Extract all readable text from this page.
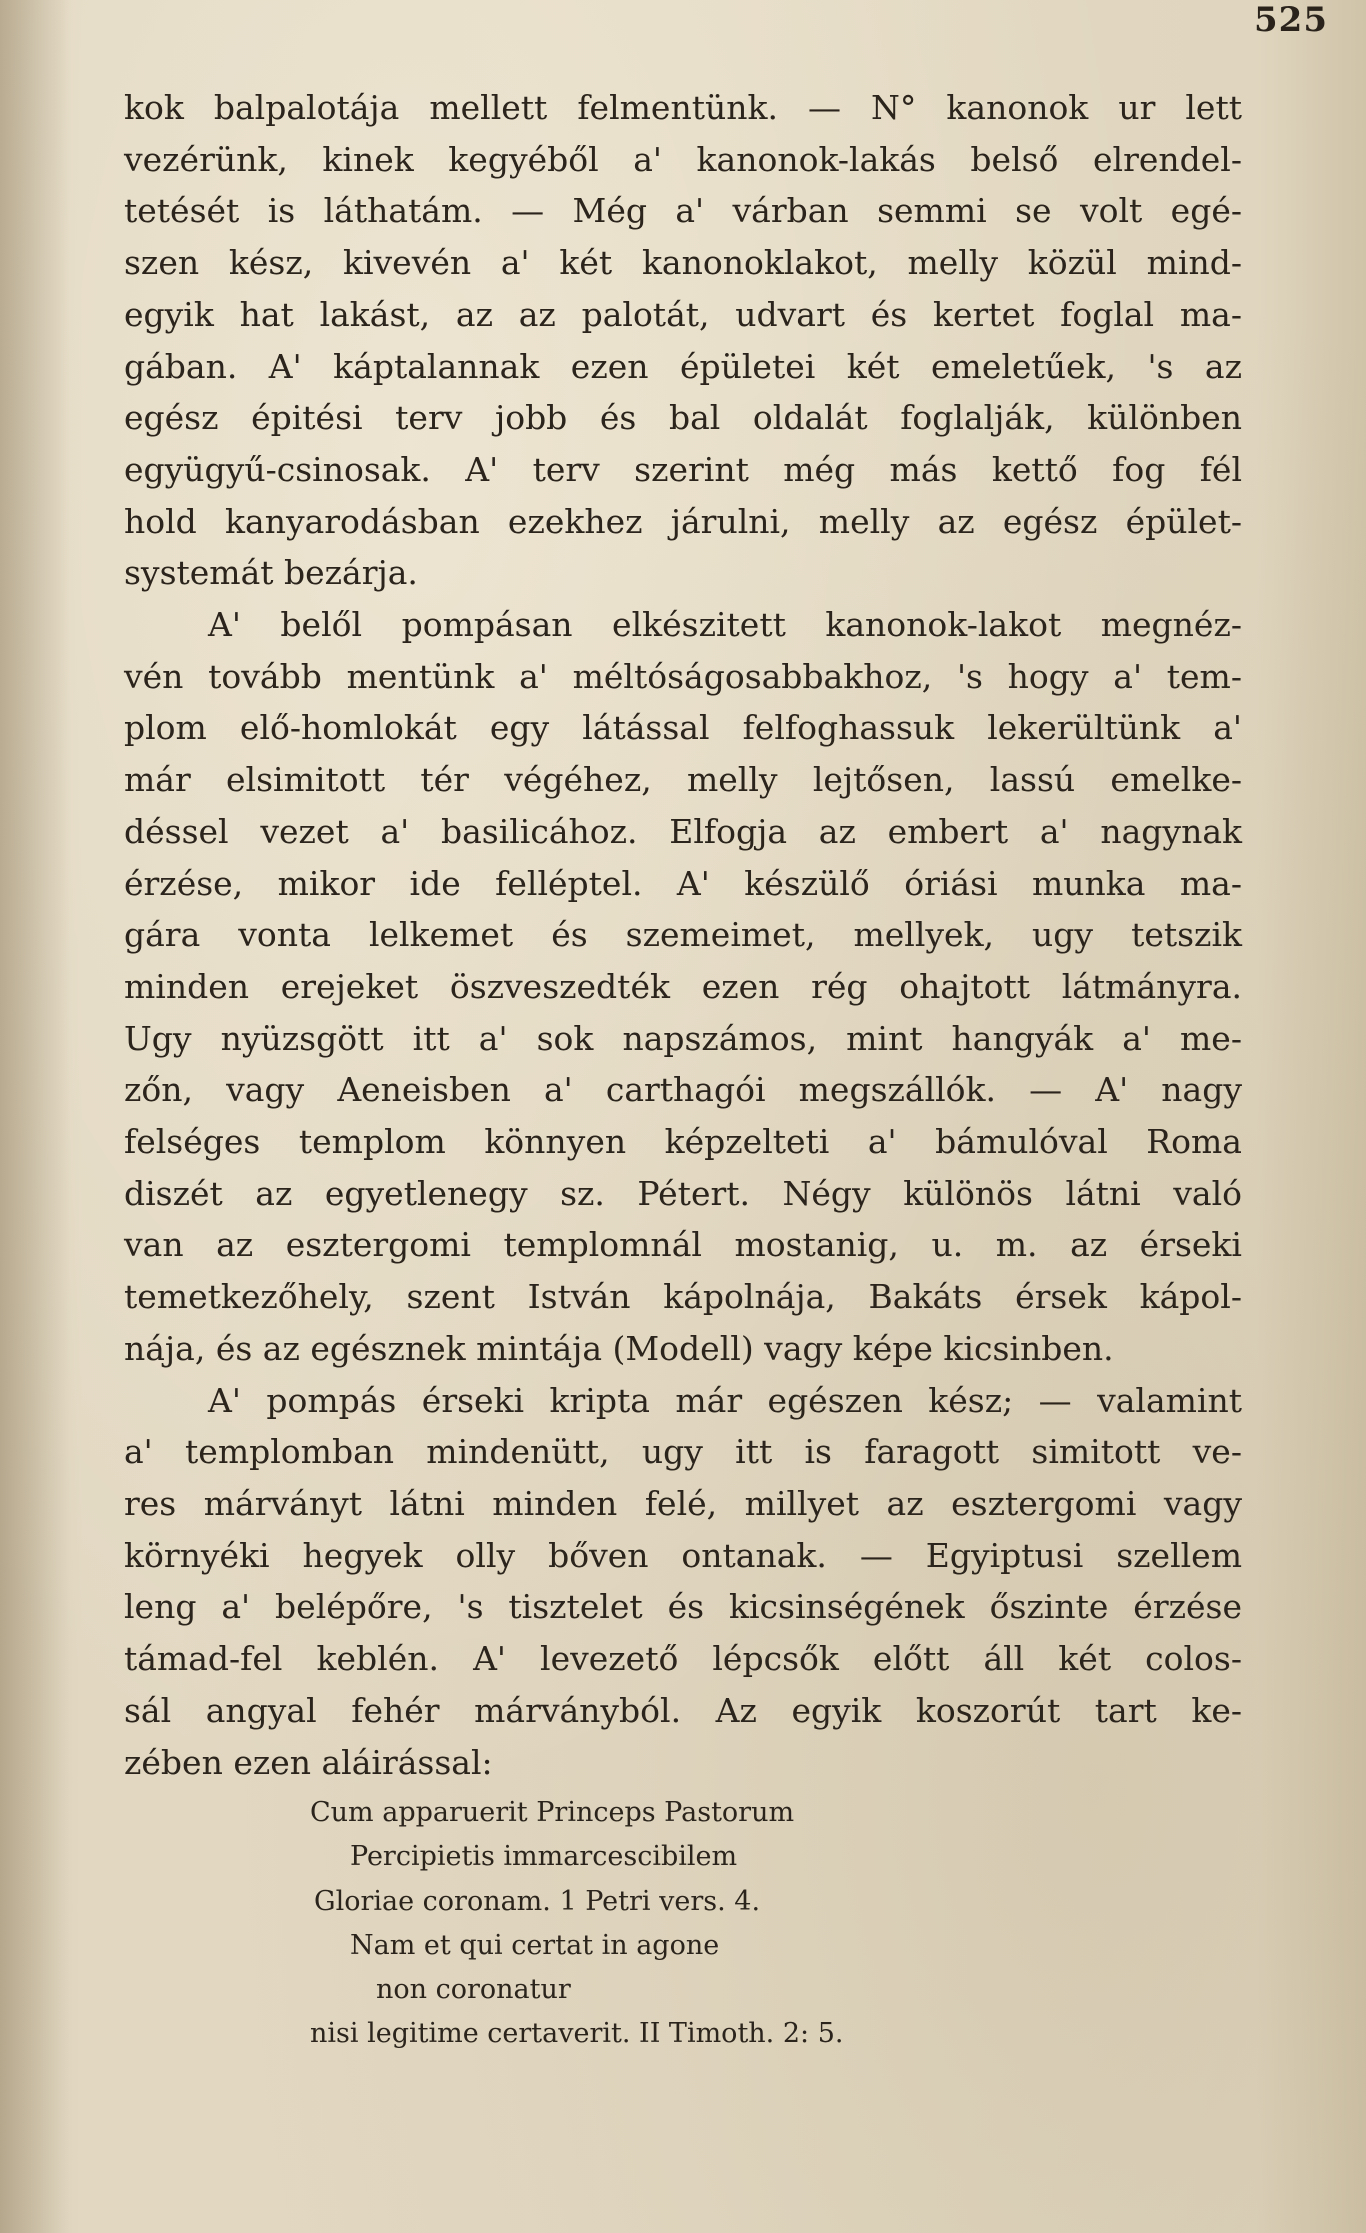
525

kok balpalotája mellett felmentünk. — N° kanonok ur lett

vezérünk, kinek kegyéből a' kanonok-lakás belső elrendel-

tetését is láthatám. — Még a' várban semmi se volt egé-

szen kész, kivevén a' két kanonoklakot, melly közül mind-

egyik hat lakást, az az palotát, udvart és kertet foglal ma-

gában. A' káptalannak ezen épületei két emeletűek, 's az

egész épitési terv jobb és bal oldalát foglalják, különben

együgyű-csinosak. A' terv szerint még más kettő fog fél

hold kanyarodásban ezekhez járulni, melly az egész épület-

systemát bezárja.

A' belől pompásan elkészitett kanonok-lakot megnéz-

vén tovább mentünk a' méltóságosabbakhoz, 's hogy a' tem-

plom elő-homlokát egy látással felfoghassuk lekerültünk a'

már elsimitott tér végéhez, melly lejtősen, lassú emelke-

déssel vezet a' basilicához. Elfogja az embert a' nagynak

érzése, mikor ide felléptel. A' készülő óriási munka ma-

gára vonta lelkemet és szemeimet, mellyek, ugy tetszik

minden erejeket öszveszedték ezen rég ohajtott látmányra.

Ugy nyüzsgött itt a' sok napszámos, mint hangyák a' me-

zőn, vagy Aeneisben a' carthagói megszállók. — A' nagy

felséges templom könnyen képzelteti a' bámulóval Roma

diszét az egyetlenegy sz. Pétert. Négy különös látni való

van az esztergomi templomnál mostanig, u. m. az érseki

temetkezőhely, szent István kápolnája, Bakáts érsek kápol-

nája, és az egésznek mintája (Modell) vagy képe kicsinben.

A' pompás érseki kripta már egészen kész; — valamint

a' templomban mindenütt, ugy itt is faragott simitott ve-

res márványt látni minden felé, millyet az esztergomi vagy

környéki hegyek olly bőven ontanak. — Egyiptusi szellem

leng a' belépőre, 's tisztelet és kicsinségének őszinte érzése

támad-fel keblén. A' levezető lépcsők előtt áll két colos-

sál angyal fehér márványból. Az egyik koszorút tart ke-

zében ezen aláirással:

Cum apparuerit Princeps Pastorum

Percipietis immarcescibilem

Gloriae coronam. 1 Petri vers. 4.

Nam et qui certat in agone

non coronatur

nisi legitime certaverit. II Timoth. 2: 5.
